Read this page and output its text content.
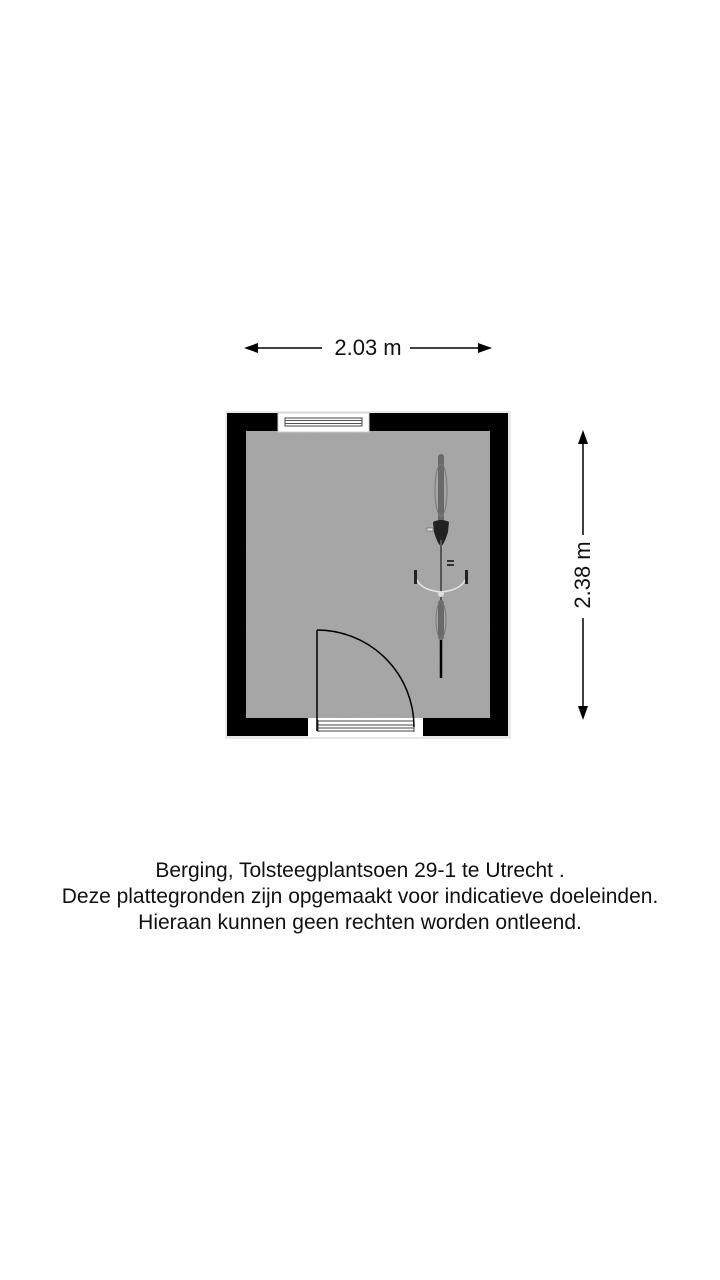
2.03 m
2.38 m
Berging, Tolsteegplantsoen 29-1 te Utrecht .
Deze plattegronden zijn opgemaakt voor indicatieve doeleinden.
Hieraan kunnen geen rechten worden ontleend.
